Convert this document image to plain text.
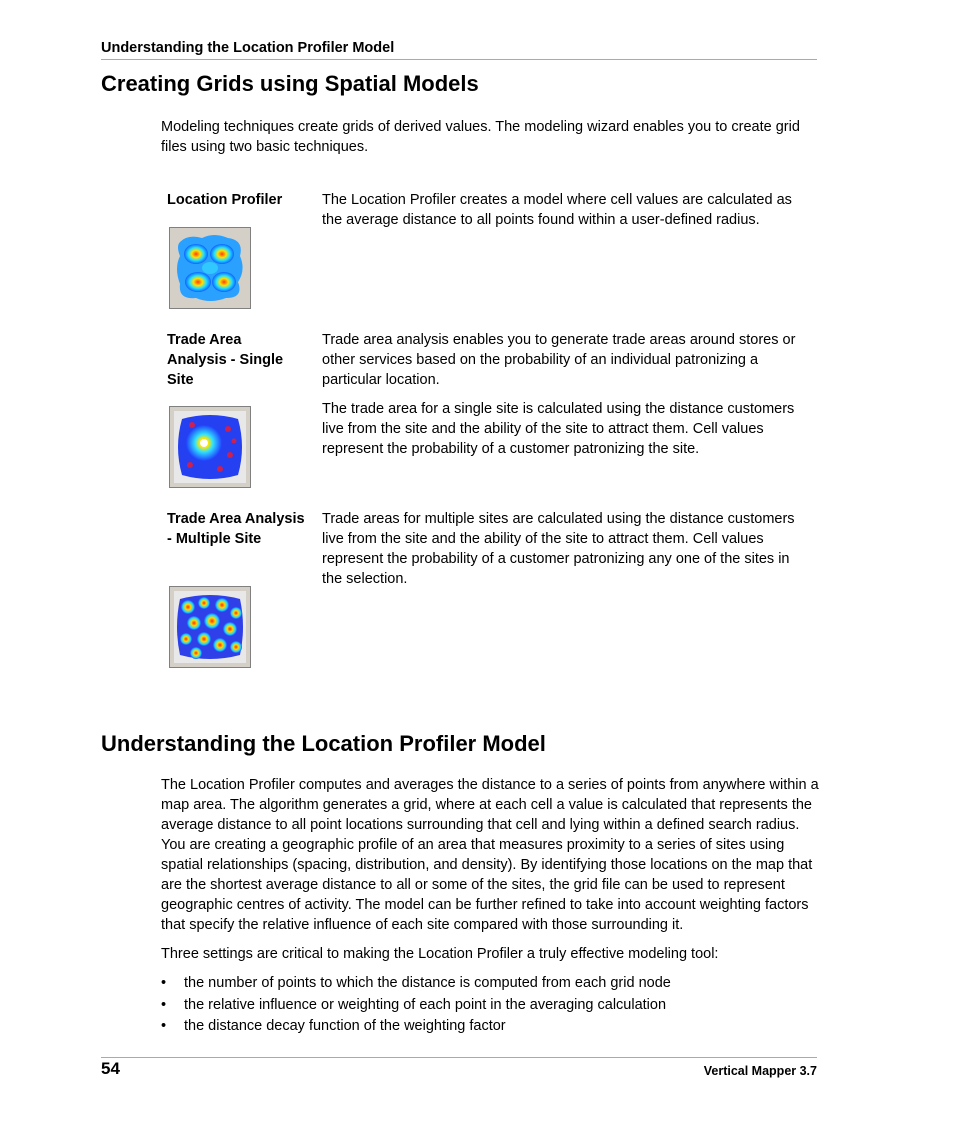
Understanding the Location Profiler Model
Creating Grids using Spatial Models

Modeling techniques create grids of derived values. The modeling wizard enables you to create grid files using two basic techniques.

Location Profiler	The Location Profiler creates a model where cell values are calculated as the average distance to all points found within a user-defined radius.

Trade Area Analysis - Single Site

Trade area analysis enables you to generate trade areas around stores or other services based on the probability of an individual patronizing a particular location.

The trade area for a single site is calculated using the distance customers live from the site and the ability of the site to attract them. Cell values represent the probability of a customer patronizing the site.

Trade Area Analysis - Multiple Site

Trade areas for multiple sites are calculated using the distance customers live from the site and the ability of the site to attract them. Cell values represent the probability of a customer patronizing any one of the sites in the selection.

Understanding the Location Profiler Model

The Location Profiler computes and averages the distance to a series of points from anywhere within a map area. The algorithm generates a grid, where at each cell a value is calculated that represents the average distance to all point locations surrounding that cell and lying within a defined search radius. You are creating a geographic profile of an area that measures proximity to a series of sites using spatial relationships (spacing, distribution, and density). By identifying those locations on the map that are the shortest average distance to all or some of the sites, the grid file can be used to represent geographic centres of activity. The model can be further refined to take into account weighting factors that specify the relative influence of each site compared with those surrounding it.

Three settings are critical to making the Location Profiler a truly effective modeling tool:

• the number of points to which the distance is computed from each grid node
• the relative influence or weighting of each point in the averaging calculation
• the distance decay function of the weighting factor
54	Vertical Mapper 3.7
